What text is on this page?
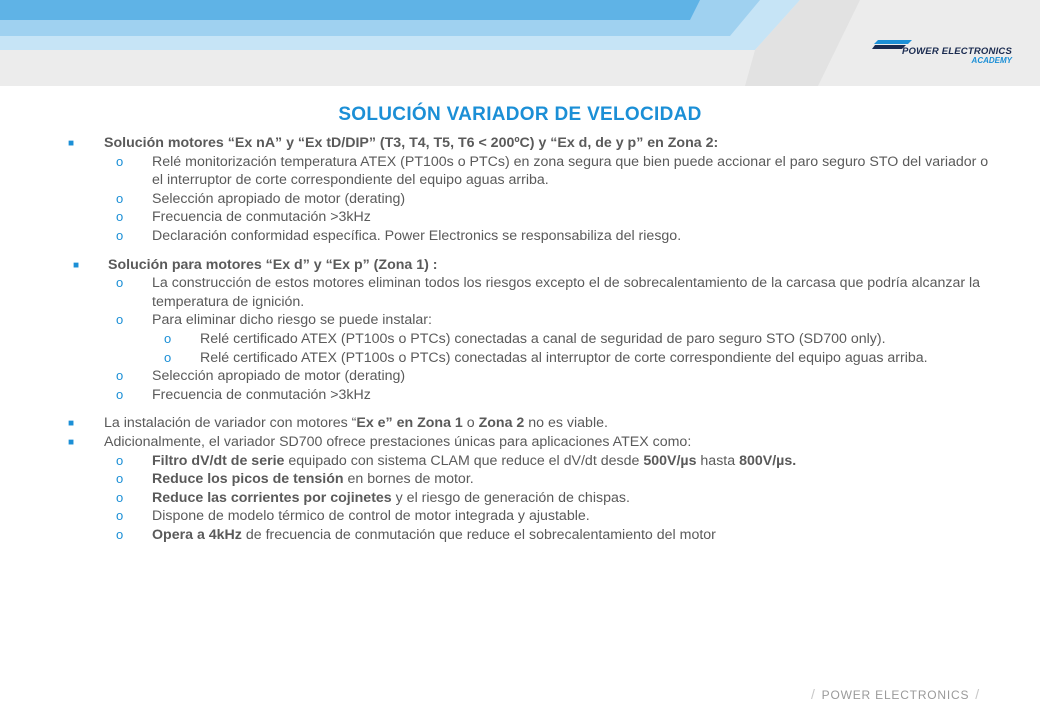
POWER ELECTRONICS
ACADEMY
SOLUCIÓN VARIADOR DE VELOCIDAD
■ Solución motores “Ex nA” y “Ex tD/DIP” (T3, T4, T5, T6 < 200ºC) y “Ex d, de y p” en Zona 2:
o Relé monitorización temperatura ATEX (PT100s o PTCs) en zona segura que bien puede accionar el paro seguro STO del variador o el interruptor de corte correspondiente del equipo aguas arriba.
o Selección apropiado de motor (derating)
o Frecuencia de conmutación >3kHz
o Declaración conformidad específica. Power Electronics se responsabiliza del riesgo.
■ Solución para motores “Ex d” y “Ex p” (Zona 1) :
o La construcción de estos motores eliminan todos los riesgos excepto el de sobrecalentamiento de la carcasa que podría alcanzar la temperatura de ignición.
o Para eliminar dicho riesgo se puede instalar:
o Relé certificado ATEX (PT100s o PTCs) conectadas a canal de seguridad de paro seguro STO (SD700 only).
o Relé certificado ATEX (PT100s o PTCs) conectadas al interruptor de corte correspondiente del equipo aguas arriba.
o Selección apropiado de motor (derating)
o Frecuencia de conmutación >3kHz
■ La instalación de variador con motores “Ex e” en Zona 1 o Zona 2 no es viable.
■ Adicionalmente, el variador SD700 ofrece prestaciones únicas para aplicaciones ATEX como:
o Filtro dV/dt de serie equipado con sistema CLAM que reduce el dV/dt desde 500V/µs hasta 800V/µs.
o Reduce los picos de tensión en bornes de motor.
o Reduce las corrientes por cojinetes y el riesgo de generación de chispas.
o Dispone de modelo térmico de control de motor integrada y ajustable.
o Opera a 4kHz de frecuencia de conmutación que reduce el sobrecalentamiento del motor
/ POWER ELECTRONICS /
